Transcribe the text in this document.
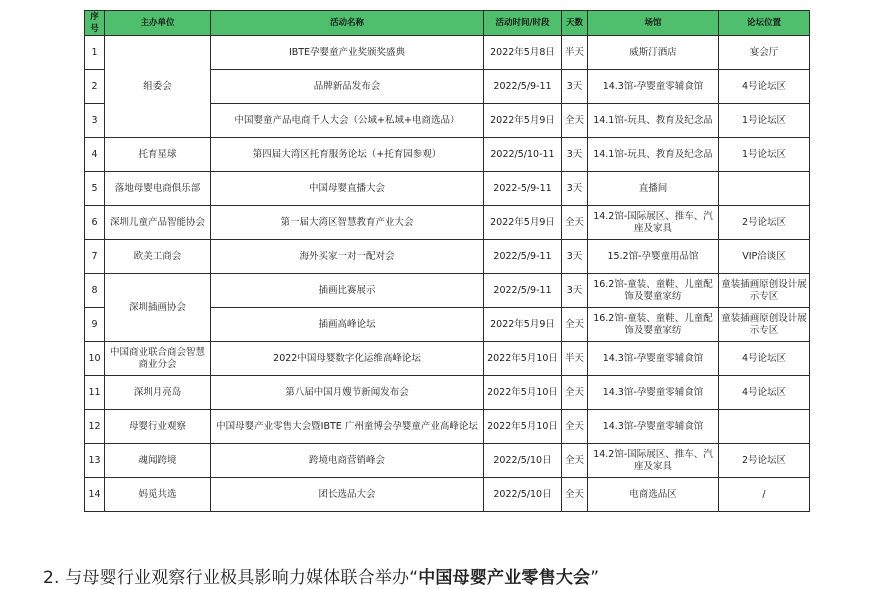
序号	主办单位	活动名称	活动时间/时段	天数	场馆	论坛位置
1	组委会	IBTE孕婴童产业奖颁奖盛典	2022年5月8日	半天	威斯汀酒店	宴会厅
2		品牌新品发布会	2022/5/9-11	3天	14.3馆-孕婴童零辅食馆	4号论坛区
3		中国婴童产品电商千人大会（公域+私域+电商选品）	2022年5月9日	全天	14.1馆-玩具、教育及纪念品	1号论坛区
4	托育星球	第四届大湾区托育服务论坛（+托育园参观）	2022/5/10-11	3天	14.1馆-玩具、教育及纪念品	1号论坛区
5	落地母婴电商俱乐部	中国母婴直播大会	2022-5/9-11	3天	直播间	
6	深圳儿童产品智能协会	第一届大湾区智慧教育产业大会	2022年5月9日	全天	14.2馆-国际展区、推车、汽座及家具	2号论坛区
7	欧美工商会	海外买家一对一配对会	2022/5/9-11	3天	15.2馆-孕婴童用品馆	VIP洽谈区
8	深圳插画协会	插画比赛展示	2022/5/9-11	3天	16.2馆-童装、童鞋、儿童配饰及婴童家纺	童装插画原创设计展示专区
9		插画高峰论坛	2022年5月9日	全天	16.2馆-童装、童鞋、儿童配饰及婴童家纺	童装插画原创设计展示专区
10	中国商业联合商会智慧商业分会	2022中国母婴数字化运维高峰论坛	2022年5月10日	半天	14.3馆-孕婴童零辅食馆	4号论坛区
11	深圳月亮岛	第八届中国月嫂节新闻发布会	2022年5月10日	全天	14.3馆-孕婴童零辅食馆	4号论坛区
12	母婴行业观察	中国母婴产业零售大会暨IBTE 广州童博会孕婴童产业高峰论坛	2022年5月10日	全天	14.3馆-孕婴童零辅食馆	
13	魂闻跨境	跨境电商营销峰会	2022/5/10日	全天	14.2馆-国际展区、推车、汽座及家具	2号论坛区
14	妈觅共选	团长选品大会	2022/5/10日	全天	电商选品区	/
2. 与母婴行业观察行业极具影响力媒体联合举办“中国母婴产业零售大会”
